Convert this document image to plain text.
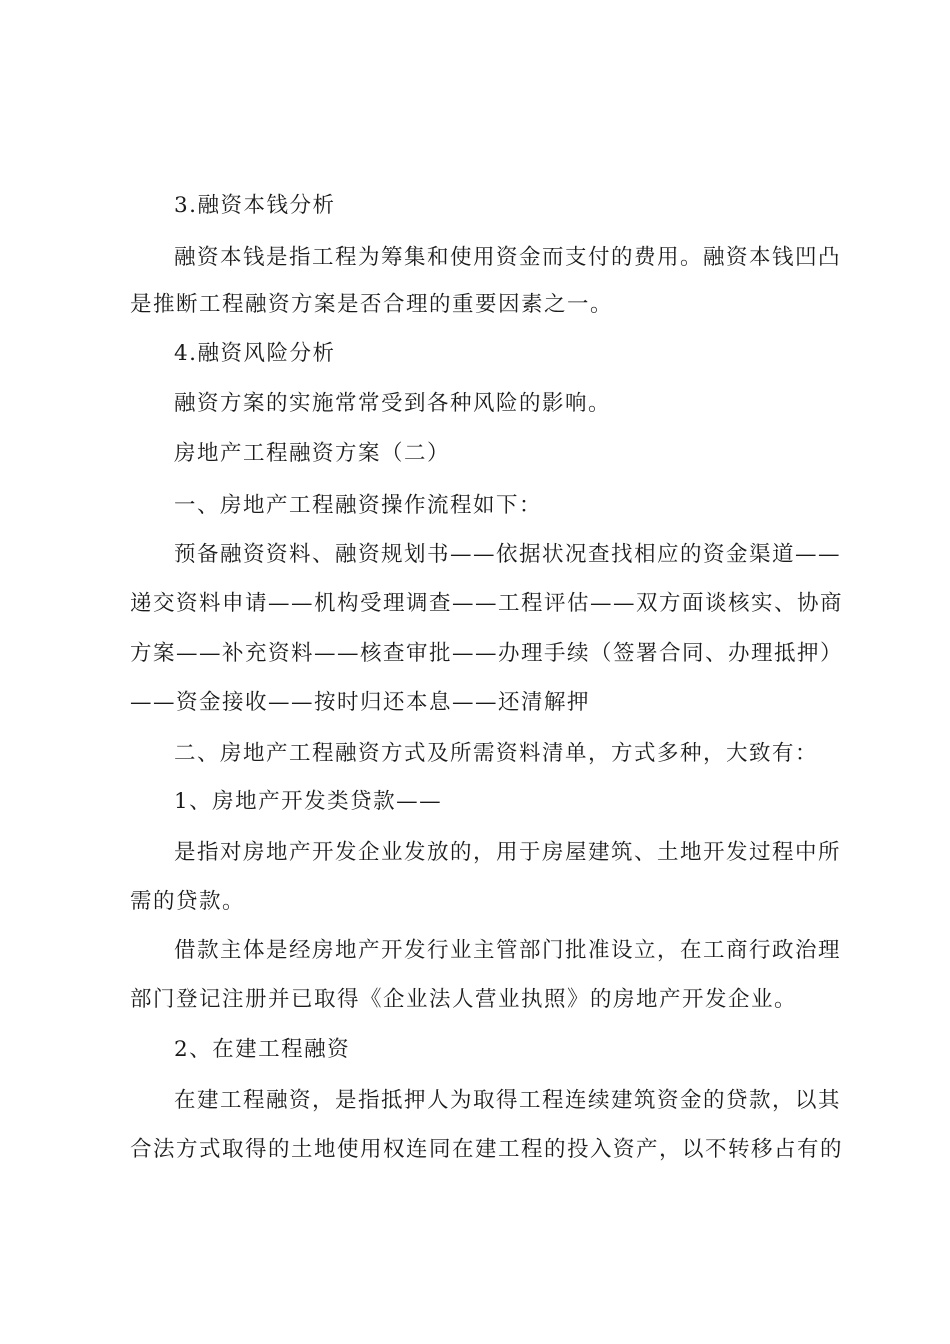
3.融资本钱分析
融资本钱是指工程为筹集和使用资金而支付的费用。融资本钱凹凸
是推断工程融资方案是否合理的重要因素之一。
4.融资风险分析
融资方案的实施常常受到各种风险的影响。
房地产工程融资方案（二）
一、房地产工程融资操作流程如下：
预备融资资料、融资规划书——依据状况查找相应的资金渠道——
递交资料申请——机构受理调查——工程评估——双方面谈核实、协商
方案——补充资料——核查审批——办理手续（签署合同、办理抵押）
——资金接收——按时归还本息——还清解押
二、房地产工程融资方式及所需资料清单，方式多种，大致有：
1、房地产开发类贷款——
是指对房地产开发企业发放的，用于房屋建筑、土地开发过程中所
需的贷款。
借款主体是经房地产开发行业主管部门批准设立，在工商行政治理
部门登记注册并已取得《企业法人营业执照》的房地产开发企业。
2、在建工程融资
在建工程融资，是指抵押人为取得工程连续建筑资金的贷款，以其
合法方式取得的土地使用权连同在建工程的投入资产，以不转移占有的
